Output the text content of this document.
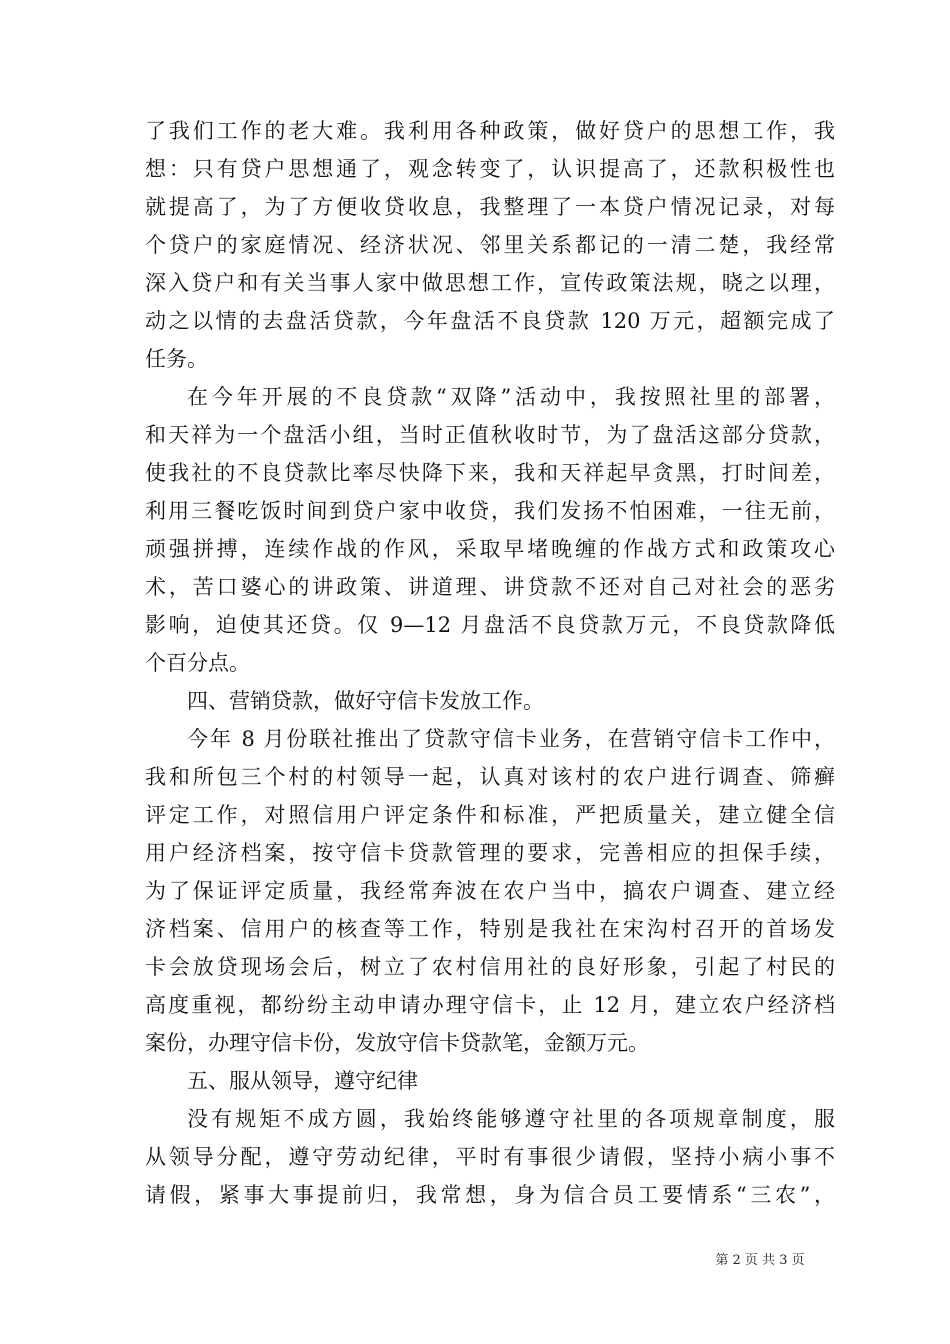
了我们工作的老大难。我利用各种政策，做好贷户的思想工作，我
想：只有贷户思想通了，观念转变了，认识提高了，还款积极性也
就提高了，为了方便收贷收息，我整理了一本贷户情况记录，对每
个贷户的家庭情况、经济状况、邻里关系都记的一清二楚，我经常
深入贷户和有关当事人家中做思想工作，宣传政策法规，晓之以理，
动之以情的去盘活贷款，今年盘活不良贷款 120 万元，超额完成了
任务。
在今年开展的不良贷款“双降”活动中，我按照社里的部署，
和天祥为一个盘活小组，当时正值秋收时节，为了盘活这部分贷款，
使我社的不良贷款比率尽快降下来，我和天祥起早贪黑，打时间差，
利用三餐吃饭时间到贷户家中收贷，我们发扬不怕困难，一往无前，
顽强拼搏，连续作战的作风，采取早堵晚缠的作战方式和政策攻心
术，苦口婆心的讲政策、讲道理、讲贷款不还对自己对社会的恶劣
影响，迫使其还贷。仅 9—12 月盘活不良贷款万元，不良贷款降低
个百分点。
四、营销贷款，做好守信卡发放工作。
今年 8 月份联社推出了贷款守信卡业务，在营销守信卡工作中，
我和所包三个村的村领导一起，认真对该村的农户进行调查、筛癣
评定工作，对照信用户评定条件和标准，严把质量关，建立健全信
用户经济档案，按守信卡贷款管理的要求，完善相应的担保手续，
为了保证评定质量，我经常奔波在农户当中，搞农户调查、建立经
济档案、信用户的核查等工作，特别是我社在宋沟村召开的首场发
卡会放贷现场会后，树立了农村信用社的良好形象，引起了村民的
高度重视，都纷纷主动申请办理守信卡，止 12 月，建立农户经济档
案份，办理守信卡份，发放守信卡贷款笔，金额万元。
五、服从领导，遵守纪律
没有规矩不成方圆，我始终能够遵守社里的各项规章制度，服
从领导分配，遵守劳动纪律，平时有事很少请假，坚持小病小事不
请假，紧事大事提前归，我常想，身为信合员工要情系“三农”，
第 2 页 共 3 页
